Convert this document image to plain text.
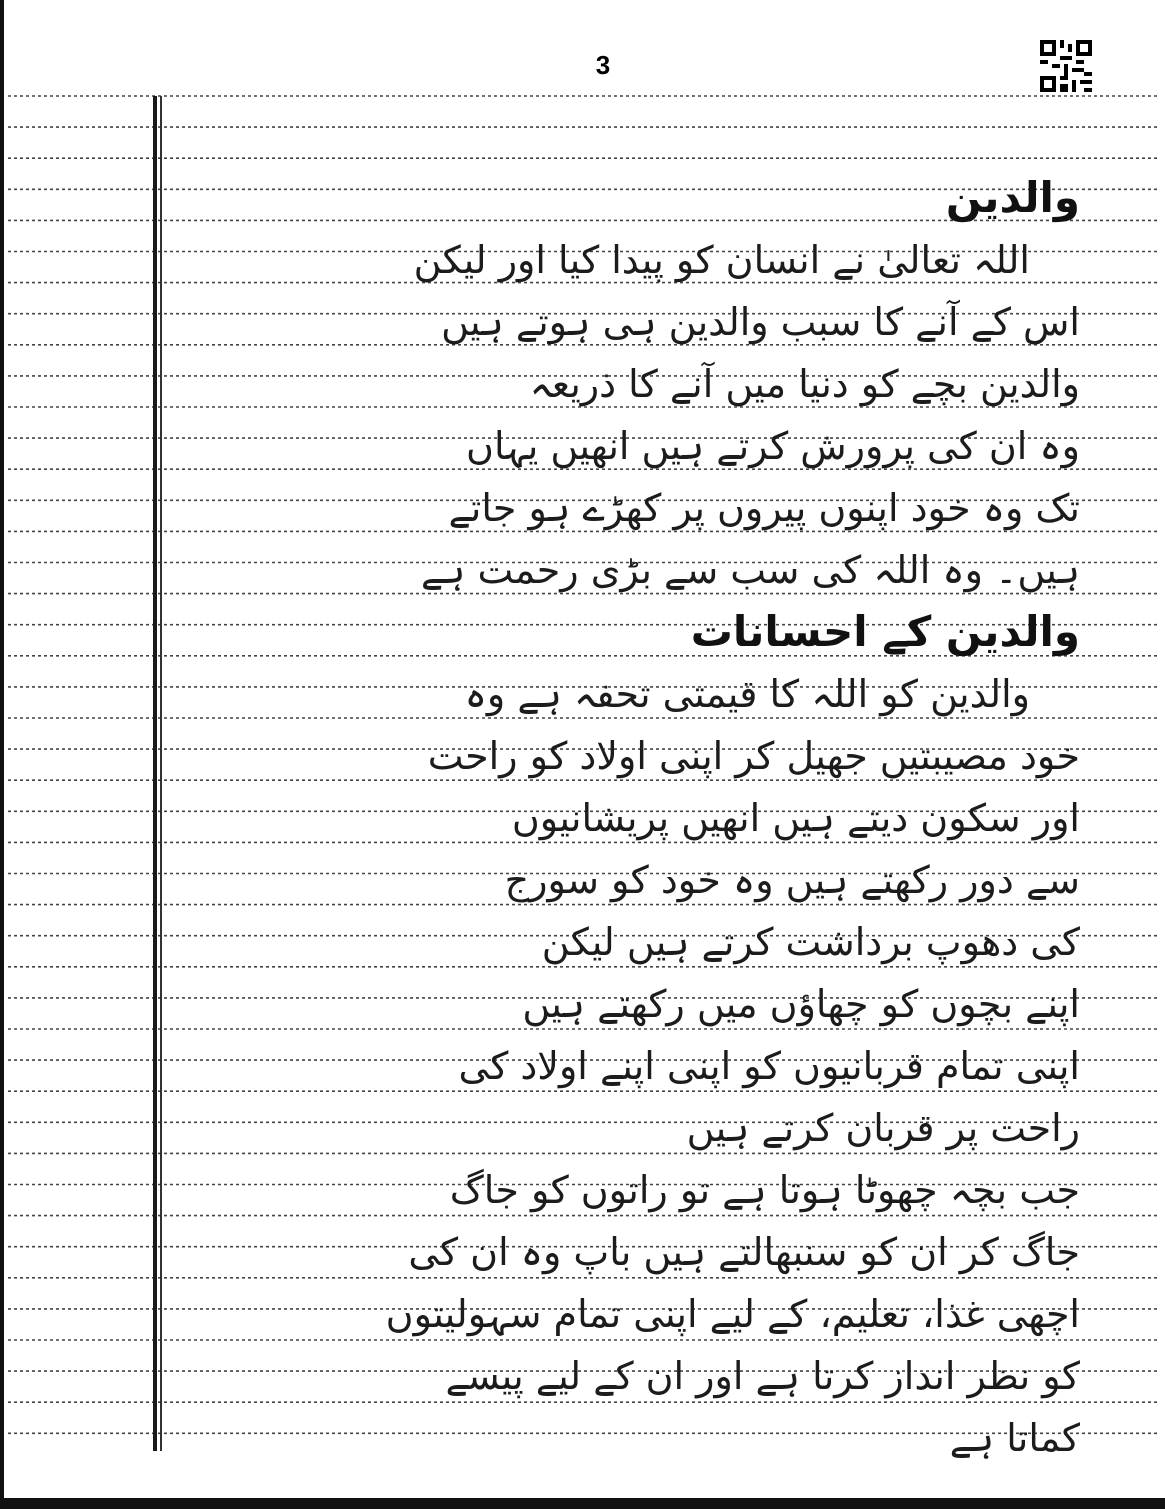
3
والدین
اللہ تعالیٰ نے انسان کو پیدا کیا اور لیکن
اس کے آنے کا سبب والدین ہی ہوتے ہیں
والدین بچے کو دنیا میں آنے کا ذریعہ
وہ ان کی پرورش کرتے ہیں انھیں یہاں
تک وہ خود اپنوں پیروں پر کھڑے ہو جاتے
ہیں۔ وہ اللہ کی سب سے بڑی رحمت ہے
والدین کے احسانات
والدین کو اللہ کا قیمتی تحفہ ہے وہ
خود مصیبتیں جھیل کر اپنی اولاد کو راحت
اور سکون دیتے ہیں انھیں پریشانیوں
سے دور رکھتے ہیں وہ خود کو سورج
کی دھوپ برداشت کرتے ہیں لیکن
اپنے بچوں کو چھاؤں میں رکھتے ہیں
اپنی تمام قربانیوں کو اپنی اپنے اولاد کی
راحت پر قربان کرتے ہیں
جب بچہ چھوٹا ہوتا ہے تو راتوں کو جاگ
جاگ کر ان کو سنبھالتے ہیں باپ وہ ان کی
اچھی غذا، تعلیم، کے لیے اپنی تمام سہولیتوں
کو نظر انداز کرتا ہے اور ان کے لیے پیسے
کماتا ہے
